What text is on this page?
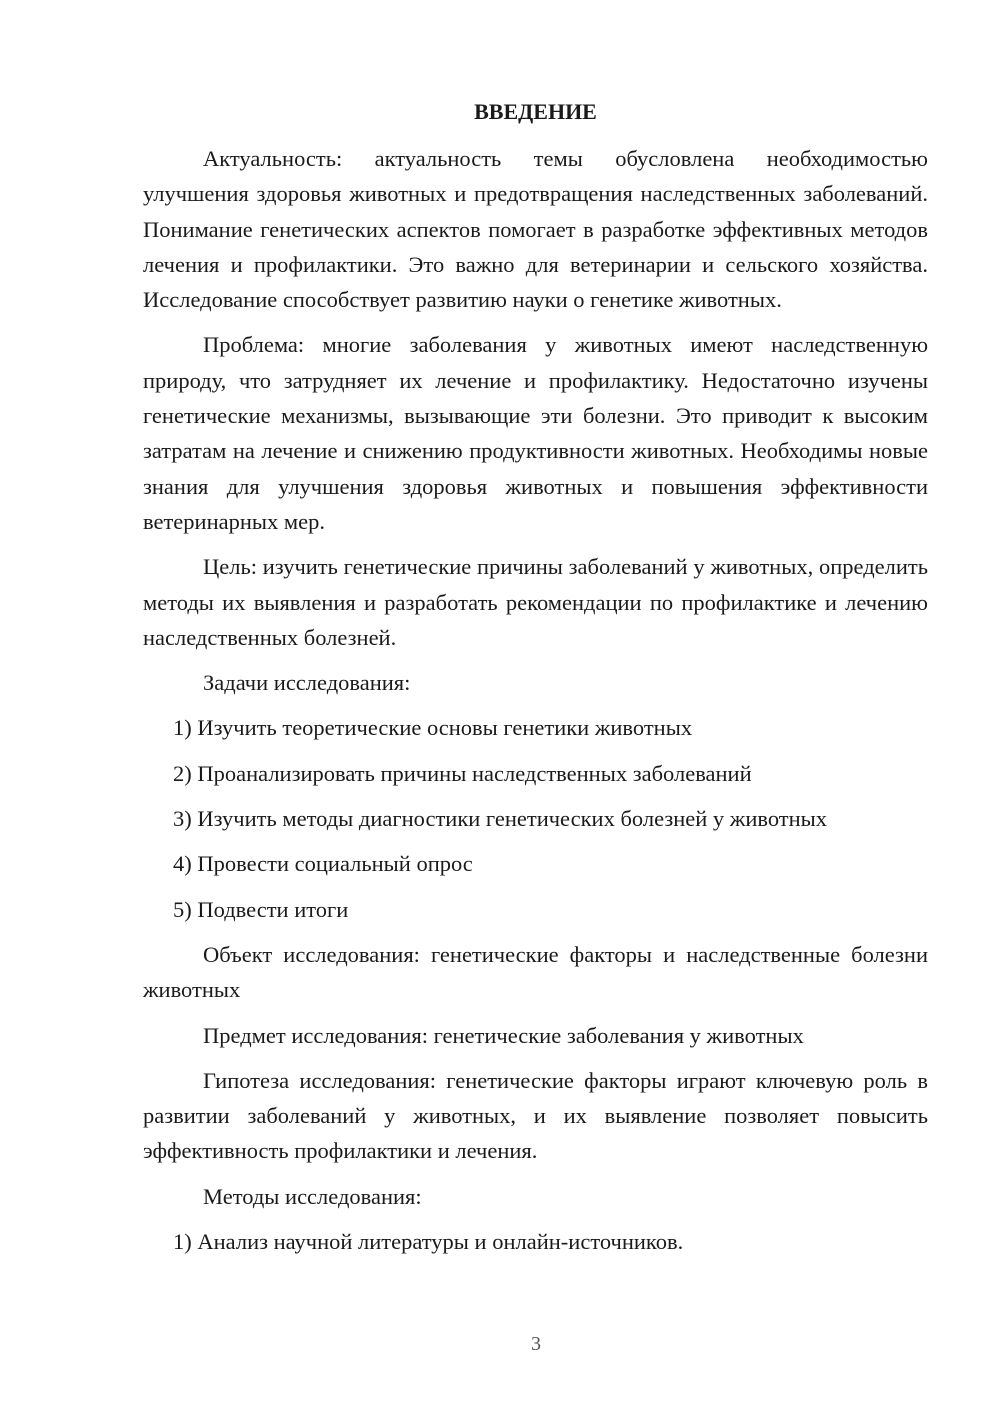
ВВЕДЕНИЕ
Актуальность: актуальность темы обусловлена необходимостью улучшения здоровья животных и предотвращения наследственных заболеваний. Понимание генетических аспектов помогает в разработке эффективных методов лечения и профилактики. Это важно для ветеринарии и сельского хозяйства. Исследование способствует развитию науки о генетике животных.
Проблема: многие заболевания у животных имеют наследственную природу, что затрудняет их лечение и профилактику. Недостаточно изучены генетические механизмы, вызывающие эти болезни. Это приводит к высоким затратам на лечение и снижению продуктивности животных. Необходимы новые знания для улучшения здоровья животных и повышения эффективности ветеринарных мер.
Цель: изучить генетические причины заболеваний у животных, определить методы их выявления и разработать рекомендации по профилактике и лечению наследственных болезней.
Задачи исследования:
1) Изучить теоретические основы генетики животных
2) Проанализировать причины наследственных заболеваний
3) Изучить методы диагностики генетических болезней у животных
4) Провести социальный опрос
5) Подвести итоги
Объект исследования: генетические факторы и наследственные болезни животных
Предмет исследования: генетические заболевания у животных
Гипотеза исследования: генетические факторы играют ключевую роль в развитии заболеваний у животных, и их выявление позволяет повысить эффективность профилактики и лечения.
Методы исследования:
1) Анализ научной литературы и онлайн-источников.
3
